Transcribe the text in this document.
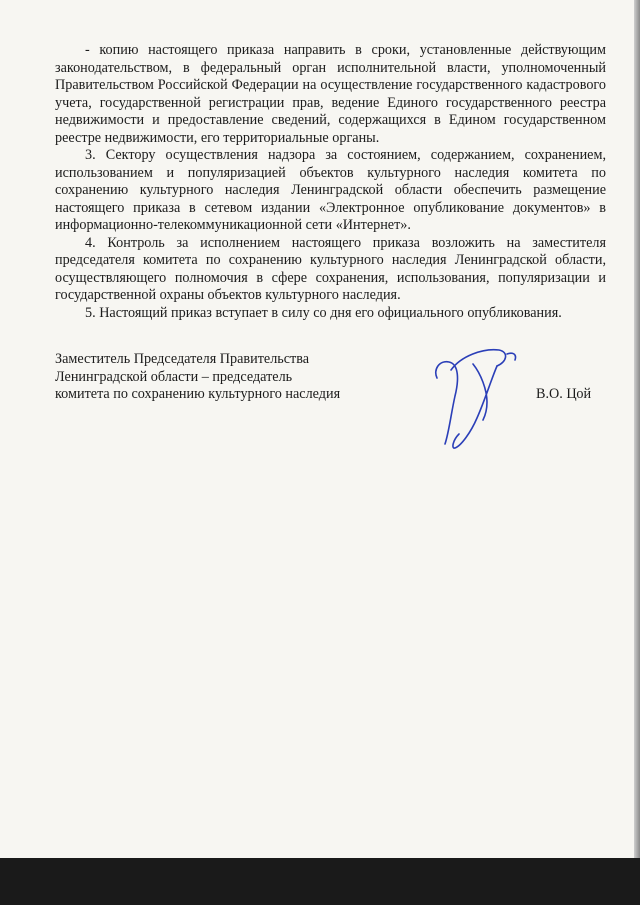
- копию настоящего приказа направить в сроки, установленные действующим законодательством, в федеральный орган исполнительной власти, уполномоченный Правительством Российской Федерации на осуществление государственного кадастрового учета, государственной регистрации прав, ведение Единого государственного реестра недвижимости и предоставление сведений, содержащихся в Едином государственном реестре недвижимости, его территориальные органы.

3. Сектору осуществления надзора за состоянием, содержанием, сохранением, использованием и популяризацией объектов культурного наследия комитета по сохранению культурного наследия Ленинградской области обеспечить размещение настоящего приказа в сетевом издании «Электронное опубликование документов» в информационно-телекоммуникационной сети «Интернет».

4. Контроль за исполнением настоящего приказа возложить на заместителя председателя комитета по сохранению культурного наследия Ленинградской области, осуществляющего полномочия в сфере сохранения, использования, популяризации и государственной охраны объектов культурного наследия.

5. Настоящий приказ вступает в силу со дня его официального опубликования.

Заместитель Председателя Правительства
Ленинградской области – председатель
комитета по сохранению культурного наследия	В.О. Цой
